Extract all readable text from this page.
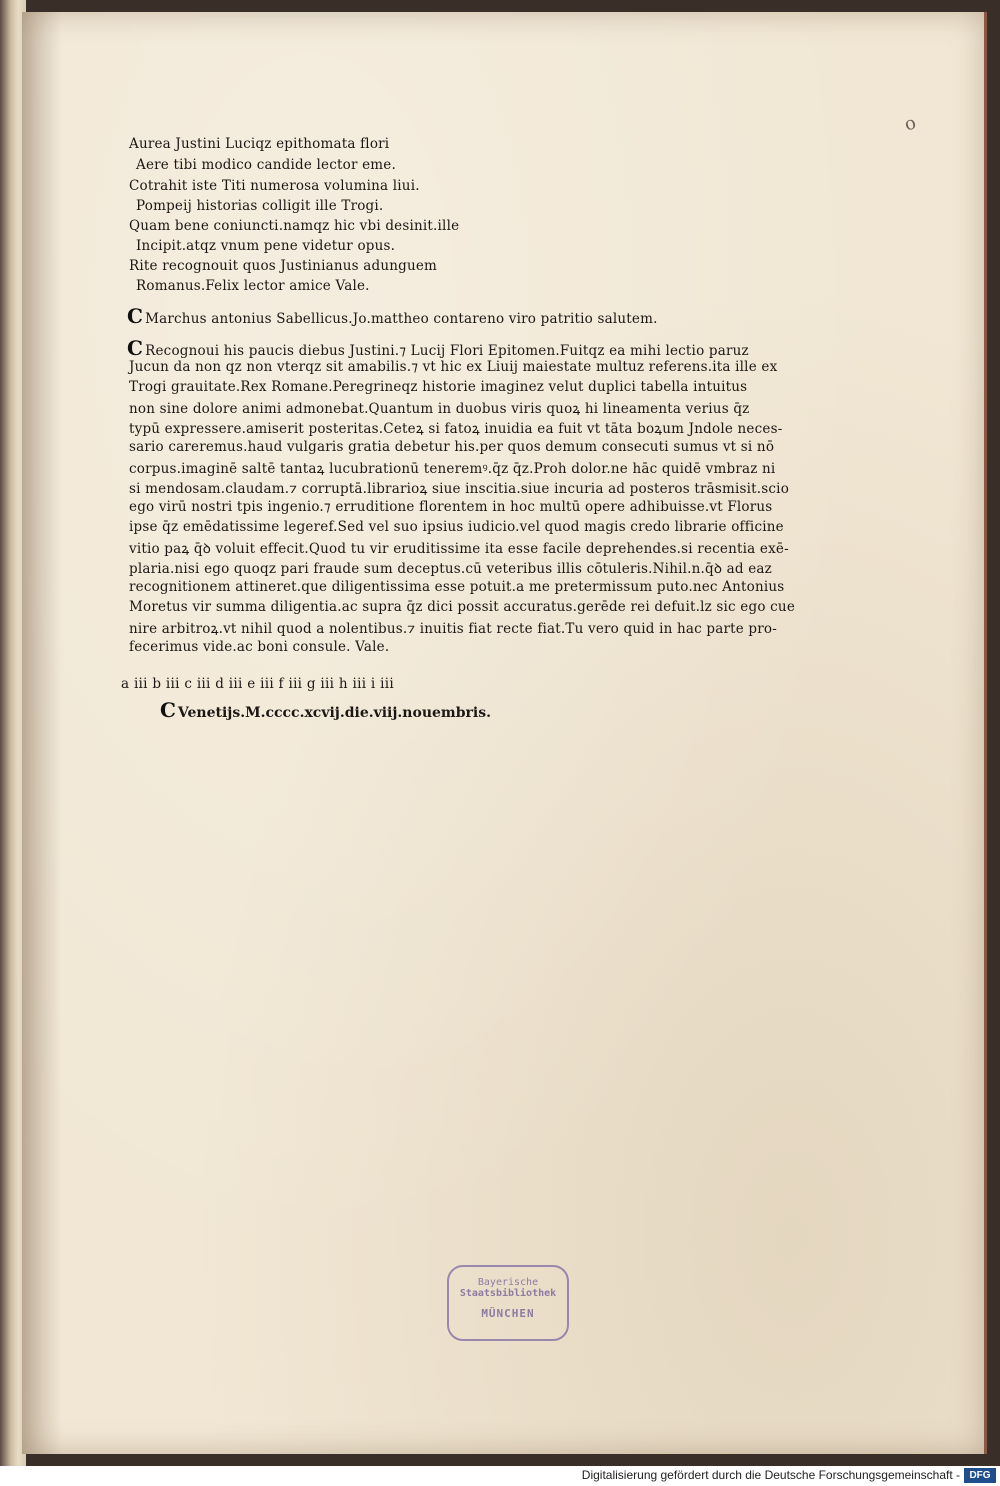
o
Aurea Justini Luciqz epithomata flori
Aere tibi modico candide lector eme.
Cotrahit iste Titi numerosa volumina liui.
Pompeij historias colligit ille Trogi.
Quam bene coniuncti.namqz hic vbi desinit.ille
Incipit.atqz vnum pene videtur opus.
Rite recognouit quos Justinianus adunguem
Romanus.Felix lector amice Vale.
C Marchus antonius Sabellicus.Jo.mattheo contareno viro patritio salutem.
C Recognoui his paucis diebus Justini.⁊ Lucij Flori Epitomen.Fuitqz ea mihi lectio paruz
Jucun da non qz non vterqz sit amabilis.⁊ vt hic ex Liuij maiestate multuz referens.ita ille ex
Trogi grauitate.Rex Romane.Peregrineqz historie imaginez velut duplici tabella intuitus
non sine dolore animi admonebat.Quantum in duobus viris quoꝝ hi lineamenta verius q̄z
typū expressere.amiserit posteritas.Ceteꝝ si fatoꝝ inuidia ea fuit vt tāta boꝝum Jndole neces-
sario careremus.haud vulgaris gratia debetur his.per quos demum consecuti sumus vt si nō
corpus.imaginē saltē tantaꝝ lucubrationū teneremꝰ.q̄z q̄z.Proh dolor.ne hāc quidē vmbraz ni
si mendosam.claudam.⁊ corruptā.librarioꝝ siue inscitia.siue incuria ad posteros trāsmisit.scio
ego virū nostri tpis ingenio.⁊ erruditione florentem in hoc multū opere adhibuisse.vt Florus
ipse q̄z emēdatissime legeref.Sed vel suo ipsius iudicio.vel quod magis credo librarie officine
vitio paꝝ q̄ꝺ voluit effecit.Quod tu vir eruditissime ita esse facile deprehendes.si recentia exē-
plaria.nisi ego quoqz pari fraude sum deceptus.cū veteribus illis cōtuleris.Nihil.n.q̄ꝺ ad eaz
recognitionem attineret.que diligentissima esse potuit.a me pretermissum puto.nec Antonius
Moretus vir summa diligentia.ac supra q̄z dici possit accuratus.gerēde rei defuit.lz sic ego cue
nire arbitroꝝ.vt nihil quod a nolentibus.⁊ inuitis fiat recte fiat.Tu vero quid in hac parte pro-
fecerimus vide.ac boni consule. Vale.
a iii b iii c iii d iii e iii f iii g iii h iii i iii
C Venetijs.M.cccc.xcvij.die.viij.nouembris.
Bayerische
Staatsbibliothek
MÜNCHEN
Digitalisierung gefördert durch die Deutsche Forschungsgemeinschaft - DFG
